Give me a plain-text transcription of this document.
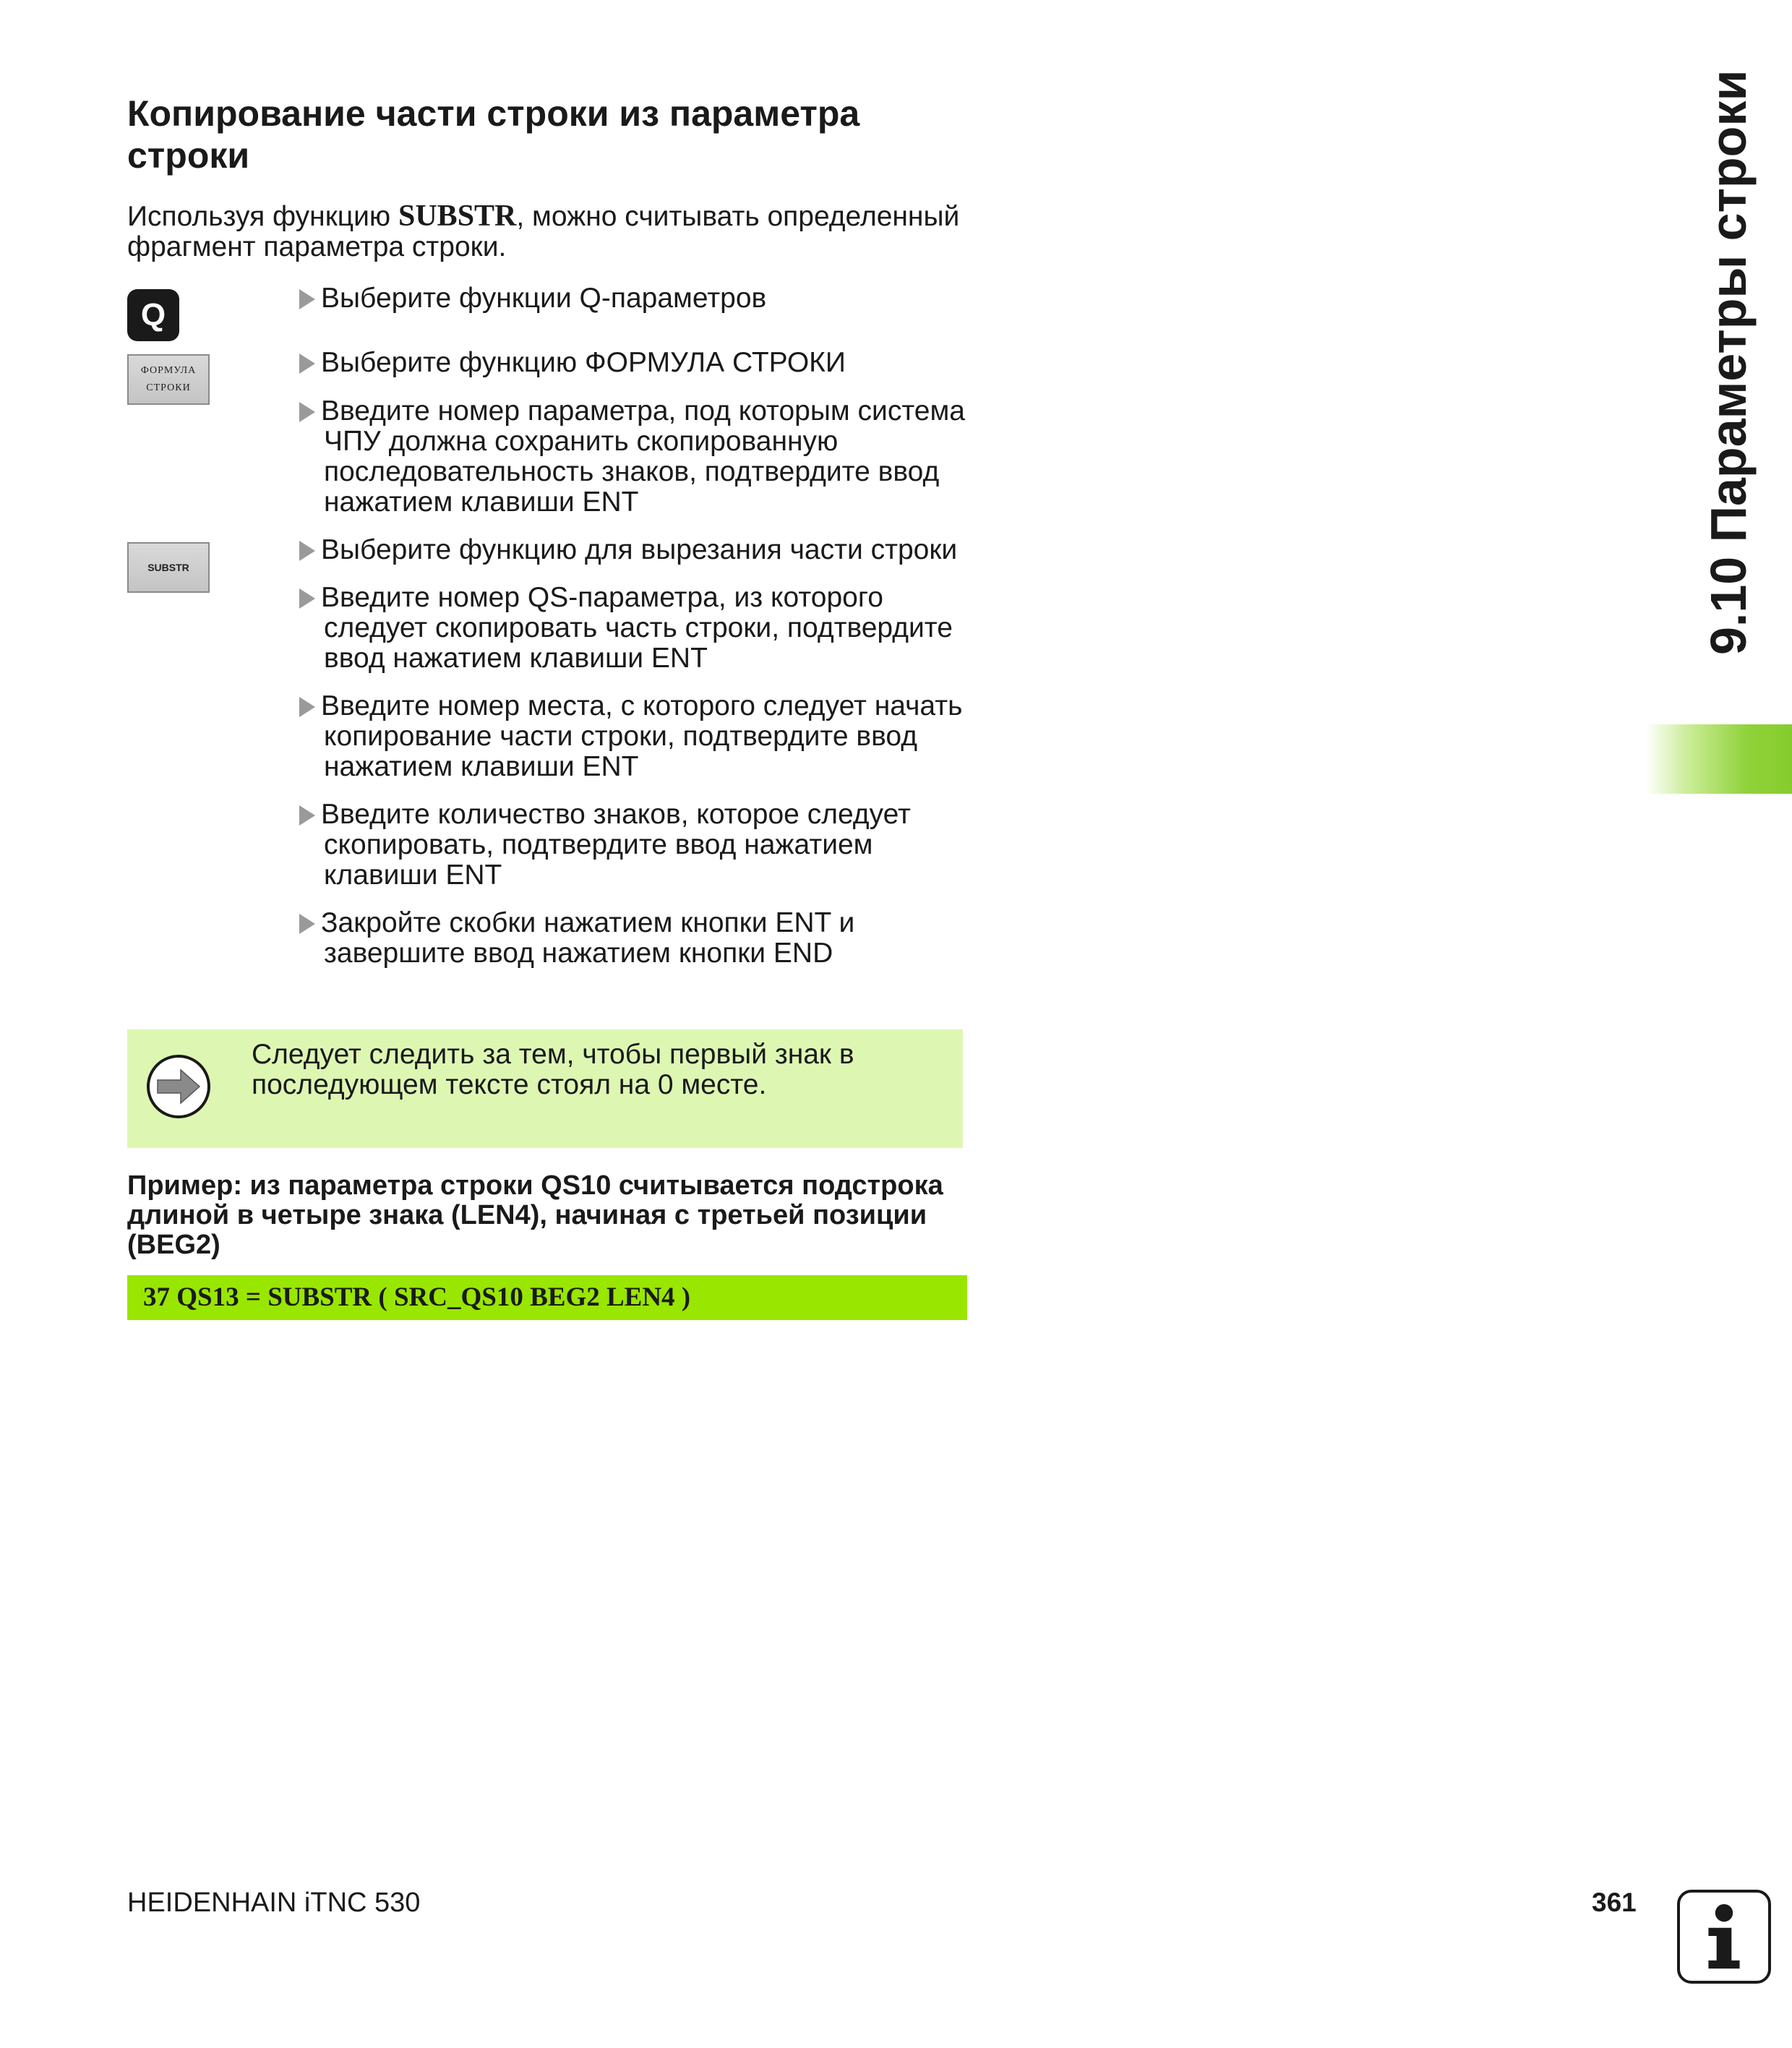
Копирование части строки из параметра строки

Используя функцию SUBSTR, можно считывать определенный фрагмент параметра строки.

Q
ФОРМУЛА
СТРОКИ
SUBSTR
Выберите функции Q-параметров
Выберите функцию ФОРМУЛА СТРОКИ
Введите номер параметра, под которым система ЧПУ должна сохранить скопированную последовательность знаков, подтвердите ввод нажатием клавиши ENT
Выберите функцию для вырезания части строки
Введите номер QS-параметра, из которого следует скопировать часть строки, подтвердите ввод нажатием клавиши ENT
Введите номер места, с которого следует начать копирование части строки, подтвердите ввод нажатием клавиши ENT
Введите количество знаков, которое следует скопировать, подтвердите ввод нажатием клавиши ENT
Закройте скобки нажатием кнопки ENT и завершите ввод нажатием кнопки END
Следует следить за тем, чтобы первый знак в последующем тексте стоял на 0 месте.

Пример: из параметра строки QS10 считывается подстрока длиной в четыре знака (LEN4), начиная с третьей позиции (BEG2)

37 QS13 = SUBSTR ( SRC_QS10 BEG2 LEN4 )
9.10 Параметры строки
HEIDENHAIN iTNC 530	361
